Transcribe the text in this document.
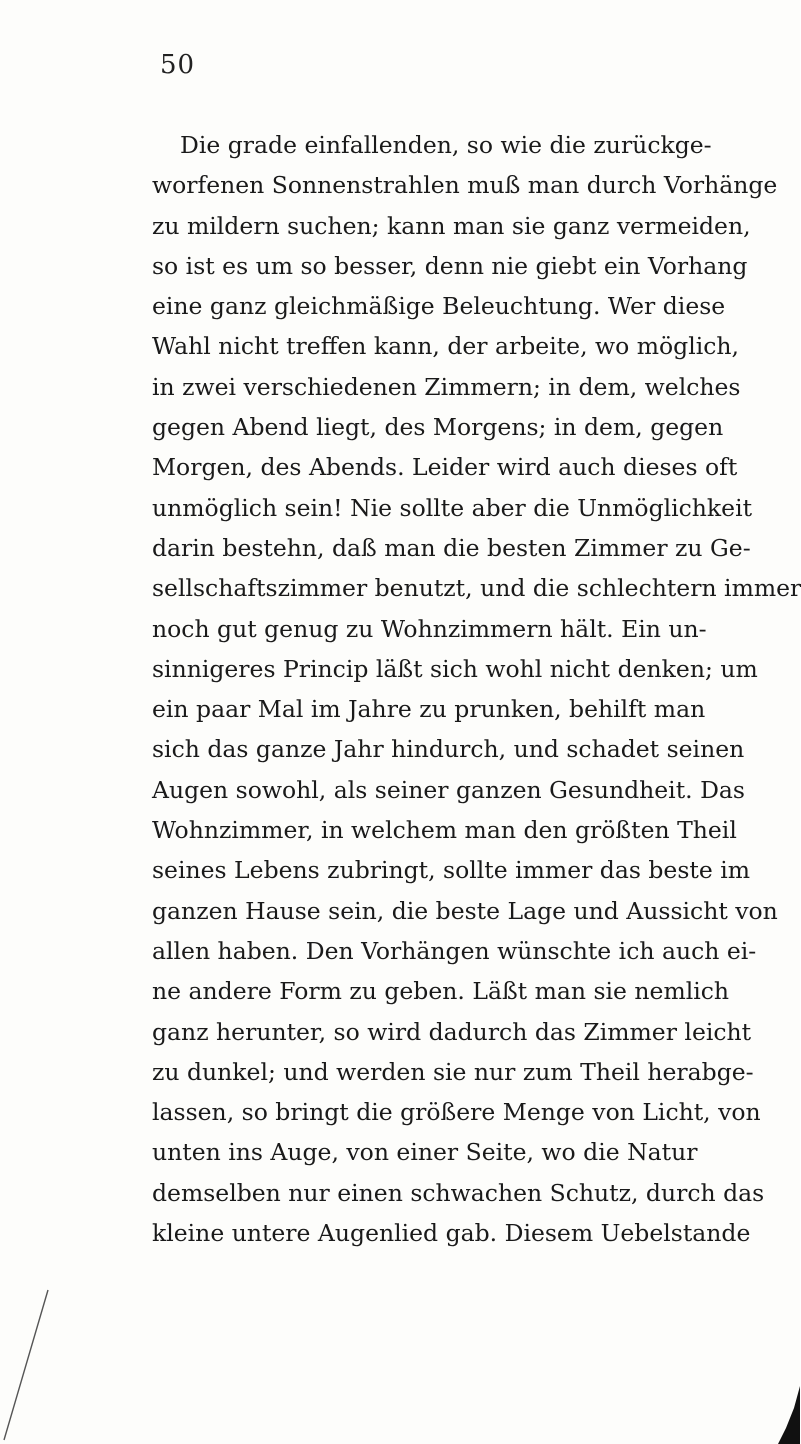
50
Die grade einfallenden, so wie die zurückge-
worfenen Sonnenstrahlen muß man durch Vorhänge
zu mildern suchen; kann man sie ganz vermeiden,
so ist es um so besser, denn nie giebt ein Vorhang
eine ganz gleichmäßige Beleuchtung. Wer diese
Wahl nicht treffen kann, der arbeite, wo möglich,
in zwei verschiedenen Zimmern; in dem, welches
gegen Abend liegt, des Morgens; in dem, gegen
Morgen, des Abends. Leider wird auch dieses oft
unmöglich sein! Nie sollte aber die Unmöglichkeit
darin bestehn, daß man die besten Zimmer zu Ge-
sellschaftszimmer benutzt, und die schlechtern immer
noch gut genug zu Wohnzimmern hält. Ein un-
sinnigeres Princip läßt sich wohl nicht denken; um
ein paar Mal im Jahre zu prunken, behilft man
sich das ganze Jahr hindurch, und schadet seinen
Augen sowohl, als seiner ganzen Gesundheit. Das
Wohnzimmer, in welchem man den größten Theil
seines Lebens zubringt, sollte immer das beste im
ganzen Hause sein, die beste Lage und Aussicht von
allen haben. Den Vorhängen wünschte ich auch ei-
ne andere Form zu geben. Läßt man sie nemlich
ganz herunter, so wird dadurch das Zimmer leicht
zu dunkel; und werden sie nur zum Theil herabge-
lassen, so bringt die größere Menge von Licht, von
unten ins Auge, von einer Seite, wo die Natur
demselben nur einen schwachen Schutz, durch das
kleine untere Augenlied gab. Diesem Uebelstande
